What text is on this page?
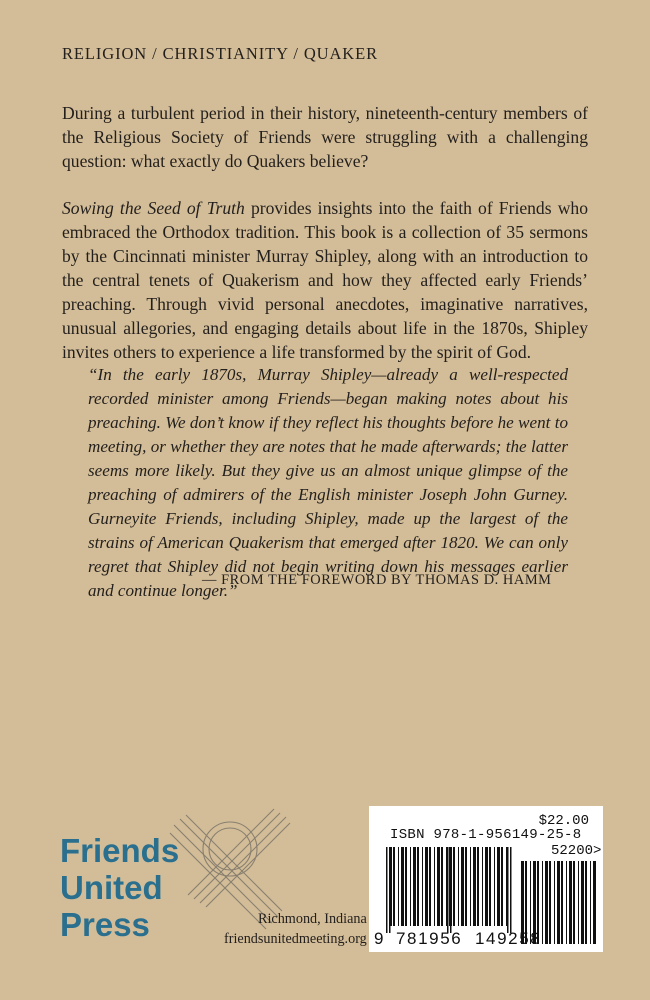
RELIGION / CHRISTIANITY / QUAKER

During a turbulent period in their history, nineteenth-century members of the Religious Society of Friends were struggling with a challenging question: what exactly do Quakers believe?

Sowing the Seed of Truth provides insights into the faith of Friends who embraced the Orthodox tradition. This book is a collection of 35 sermons by the Cincinnati minister Murray Shipley, along with an introduction to the central tenets of Quakerism and how they affected early Friends’ preaching. Through vivid personal anecdotes, imaginative narratives, unusual allegories, and engaging details about life in the 1870s, Shipley invites others to experience a life transformed by the spirit of God.

“In the early 1870s, Murray Shipley—already a well-respected recorded minister among Friends—began making notes about his preaching. We don’t know if they reflect his thoughts before he went to meeting, or whether they are notes that he made afterwards; the latter seems more likely. But they give us an almost unique glimpse of the preaching of admirers of the English minister Joseph John Gurney. Gurneyite Friends, including Shipley, made up the largest of the strains of American Quakerism that emerged after 1820. We can only regret that Shipley did not begin writing down his messages earlier and continue longer.”

— FROM THE FOREWORD BY THOMAS D. HAMM
Friends
United
Press	Richmond, Indiana
friendsunitedmeeting.org
$22.00
ISBN 978-1-956149-25-8
52200>
9 781956 149258
